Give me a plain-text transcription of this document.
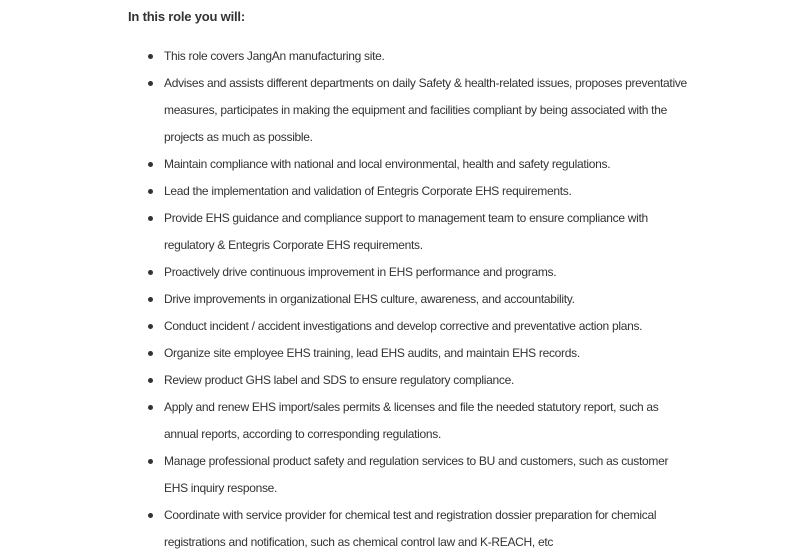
In this role you will:
This role covers JangAn manufacturing site.
Advises and assists different departments on daily Safety & health-related issues, proposes preventative measures, participates in making the equipment and facilities compliant by being associated with the projects as much as possible.
Maintain compliance with national and local environmental, health and safety regulations.
Lead the implementation and validation of Entegris Corporate EHS requirements.
Provide EHS guidance and compliance support to management team to ensure compliance with regulatory & Entegris Corporate EHS requirements.
Proactively drive continuous improvement in EHS performance and programs.
Drive improvements in organizational EHS culture, awareness, and accountability.
Conduct incident / accident investigations and develop corrective and preventative action plans.
Organize site employee EHS training, lead EHS audits, and maintain EHS records.
Review product GHS label and SDS to ensure regulatory compliance.
Apply and renew EHS import/sales permits & licenses and file the needed statutory report, such as annual reports, according to corresponding regulations.
Manage professional product safety and regulation services to BU and customers, such as customer EHS inquiry response.
Coordinate with service provider for chemical test and registration dossier preparation for chemical registrations and notification, such as chemical control law and K-REACH, etc
